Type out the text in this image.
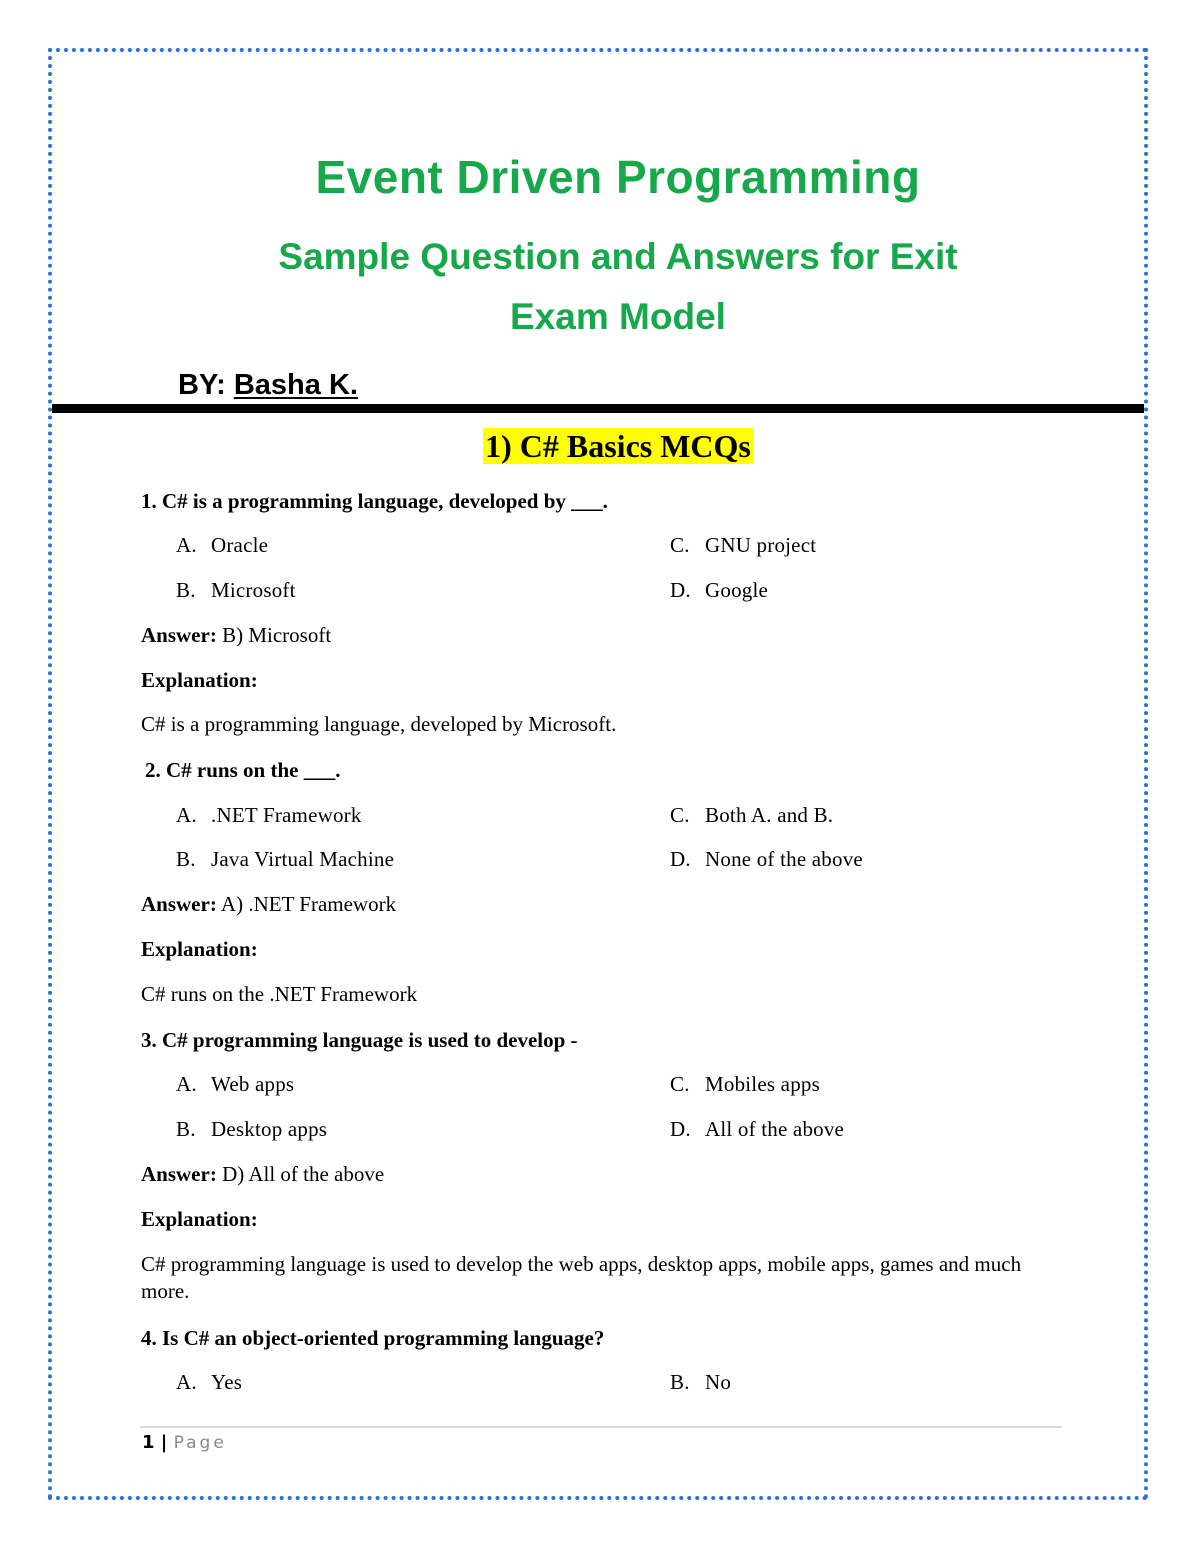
Event Driven Programming
Sample Question and Answers for Exit
Exam Model
BY: Basha K.
1) C# Basics MCQs
1. C# is a programming language, developed by ___.
A. Oracle
B. Microsoft
C. GNU project
D. Google
Answer: B) Microsoft
Explanation:
C# is a programming language, developed by Microsoft.
2. C# runs on the ___.
A. .NET Framework
B. Java Virtual Machine
C. Both A. and B.
D. None of the above
Answer: A) .NET Framework
Explanation:
C# runs on the .NET Framework
3. C# programming language is used to develop -
A. Web apps
B. Desktop apps
C. Mobiles apps
D. All of the above
Answer: D) All of the above
Explanation:
C# programming language is used to develop the web apps, desktop apps, mobile apps, games and much more.
4. Is C# an object-oriented programming language?
A. Yes	B. No
1 | Page
